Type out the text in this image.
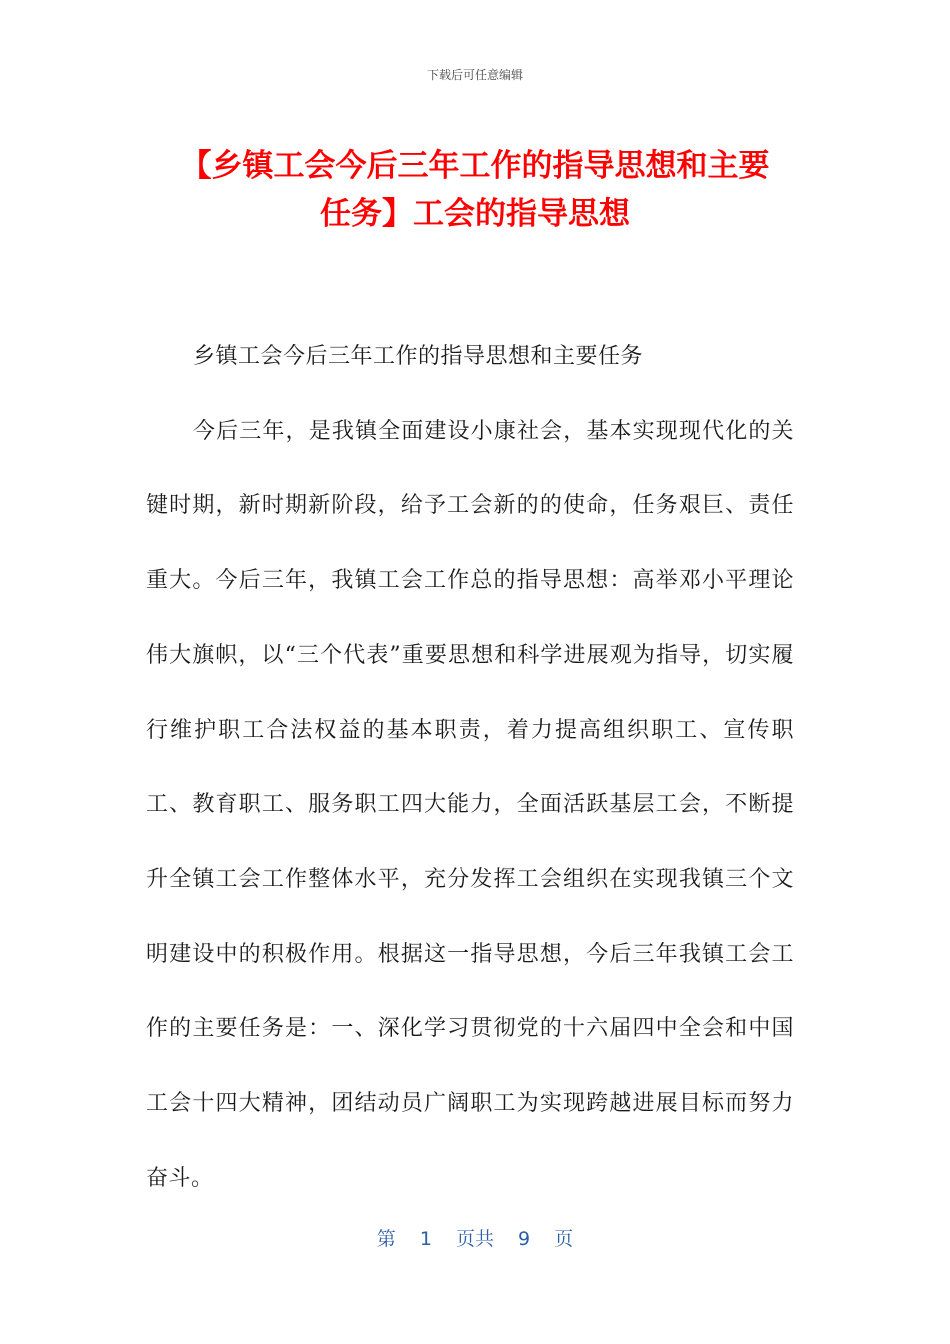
下载后可任意编辑
【乡镇工会今后三年工作的指导思想和主要
任务】工会的指导思想

乡镇工会今后三年工作的指导思想和主要任务

今后三年，是我镇全面建设小康社会，基本实现现代化的关键时期，新时期新阶段，给予工会新的的使命，任务艰巨、责任重大。今后三年，我镇工会工作总的指导思想：高举邓小平理论伟大旗帜，以“三个代表”重要思想和科学进展观为指导，切实履行维护职工合法权益的基本职责，着力提高组织职工、宣传职工、教育职工、服务职工四大能力，全面活跃基层工会，不断提升全镇工会工作整体水平，充分发挥工会组织在实现我镇三个文明建设中的积极作用。根据这一指导思想，今后三年我镇工会工作的主要任务是：一、深化学习贯彻党的十六届四中全会和中国工会十四大精神，团结动员广阔职工为实现跨越进展目标而努力奋斗。

第 1 页共 9 页
